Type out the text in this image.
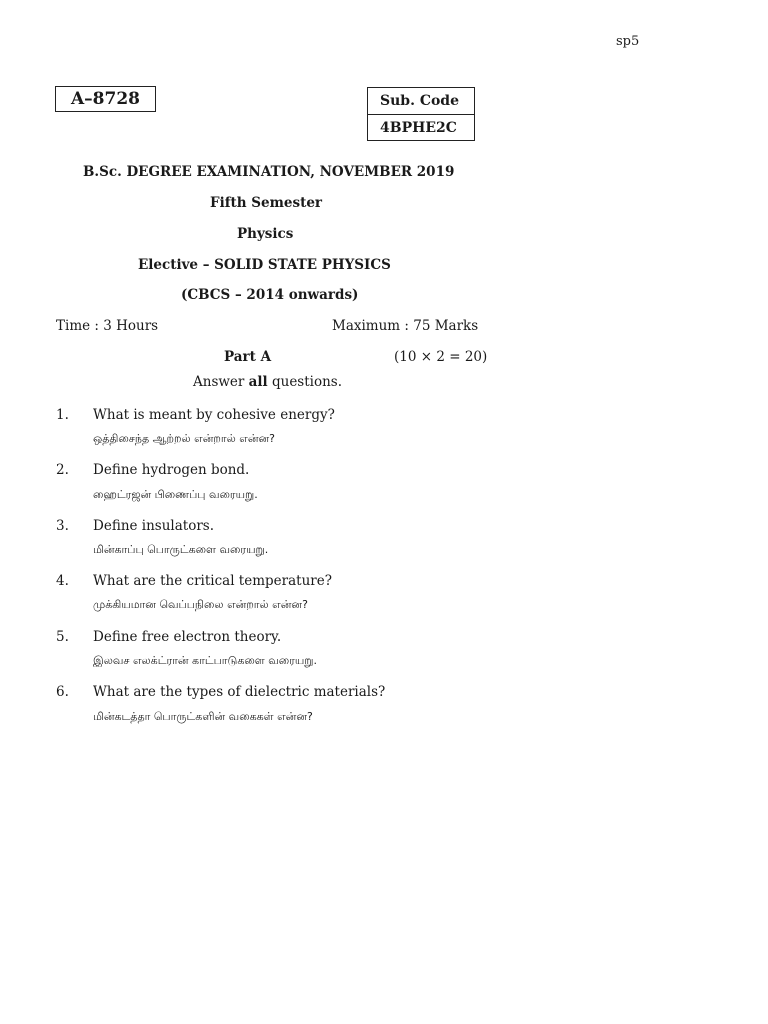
sp5
A–8728	Sub. Code
4BPHE2C
B.Sc. DEGREE EXAMINATION, NOVEMBER 2019
Fifth Semester
Physics
Elective – SOLID STATE PHYSICS
(CBCS – 2014 onwards)
Time : 3 Hours	Maximum : 75 Marks
Part A	(10 × 2 = 20)
Answer all questions.
1. What is meant by cohesive energy?
ஒத்திசைந்த ஆற்றல் என்றால் என்ன?
2. Define hydrogen bond.
ஹைட்ரஜன் பிணைப்பு வரையறு.
3. Define insulators.
மின்காப்பு பொருட்களை வரையறு.
4. What are the critical temperature?
முக்கியமான வெப்பநிலை என்றால் என்ன?
5. Define free electron theory.
இலவச எலக்ட்ரான் காட்பாடுகளை வரையறு.
6. What are the types of dielectric materials?
மின்கடத்தா பொருட்களின் வகைகள் என்ன?
